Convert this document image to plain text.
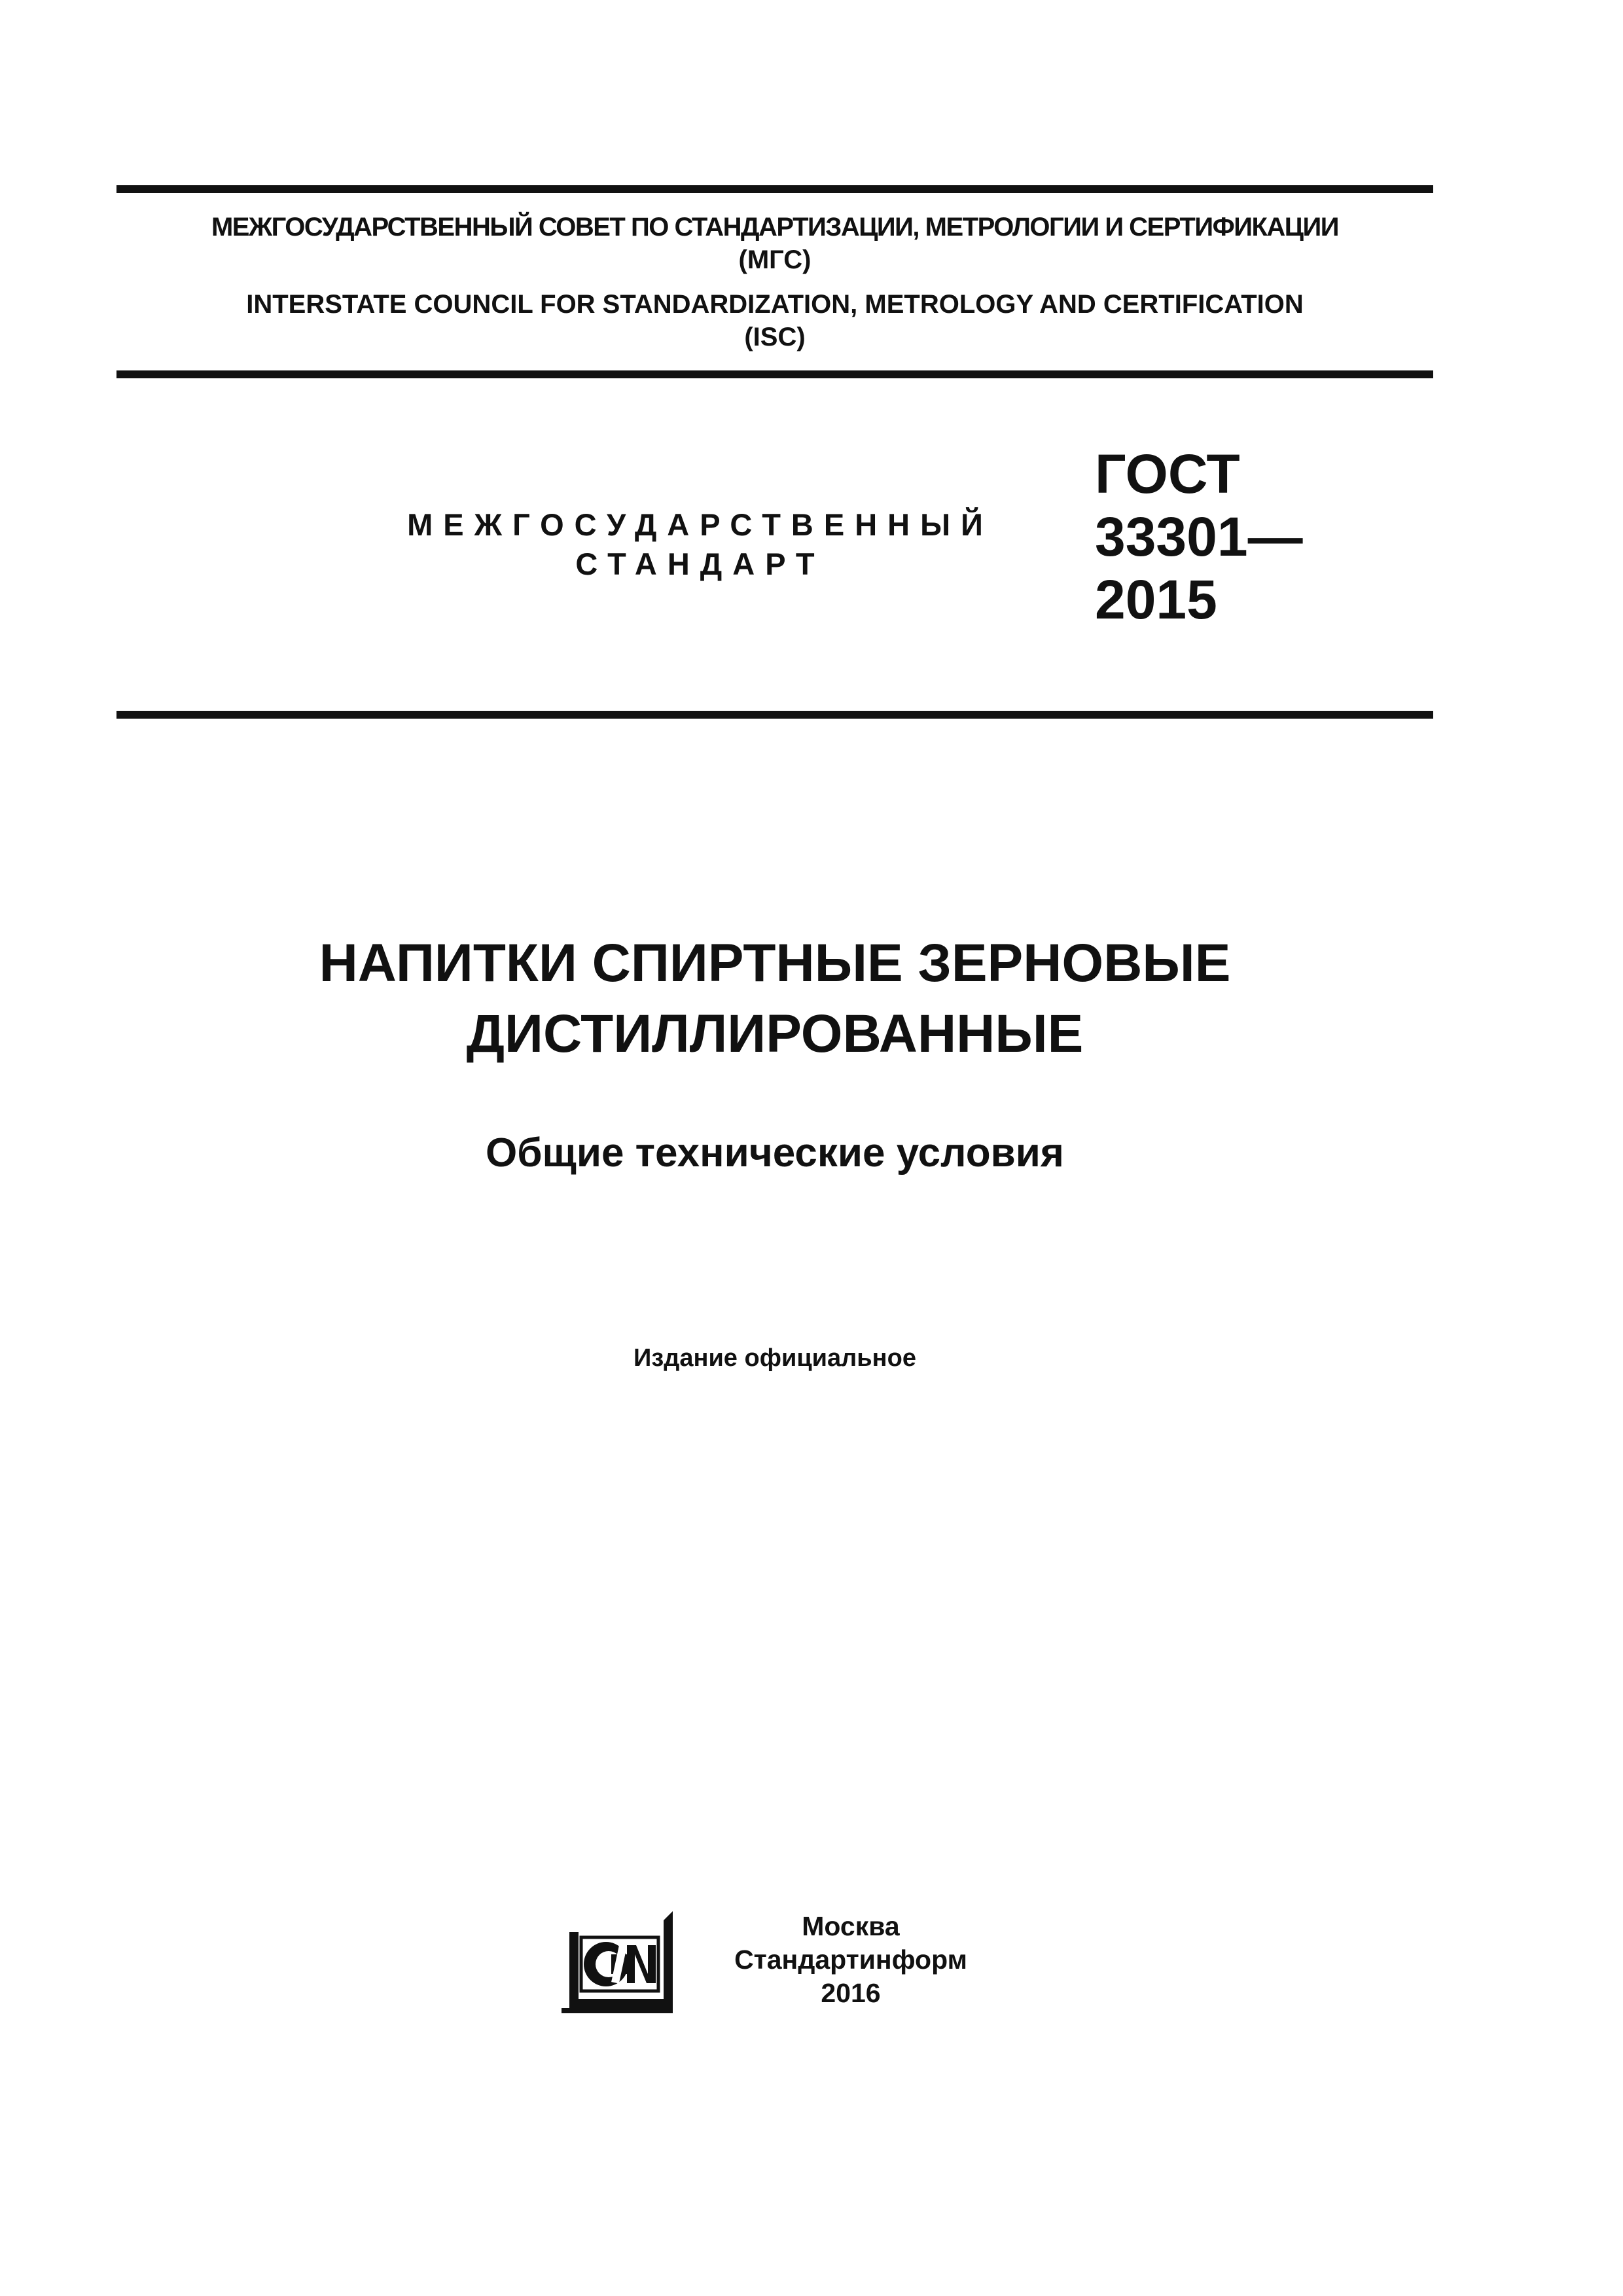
МЕЖГОСУДАРСТВЕННЫЙ СОВЕТ ПО СТАНДАРТИЗАЦИИ, МЕТРОЛОГИИ И СЕРТИФИКАЦИИ
(МГС)
INTERSTATE COUNCIL FOR STANDARDIZATION, METROLOGY AND CERTIFICATION
(ISC)
МЕЖГОСУДАРСТВЕННЫЙ
СТАНДАРТ
ГОСТ
33301—
2015
НАПИТКИ СПИРТНЫЕ ЗЕРНОВЫЕ
ДИСТИЛЛИРОВАННЫЕ
Общие технические условия
Издание официальное
Москва
Стандартинформ
2016
